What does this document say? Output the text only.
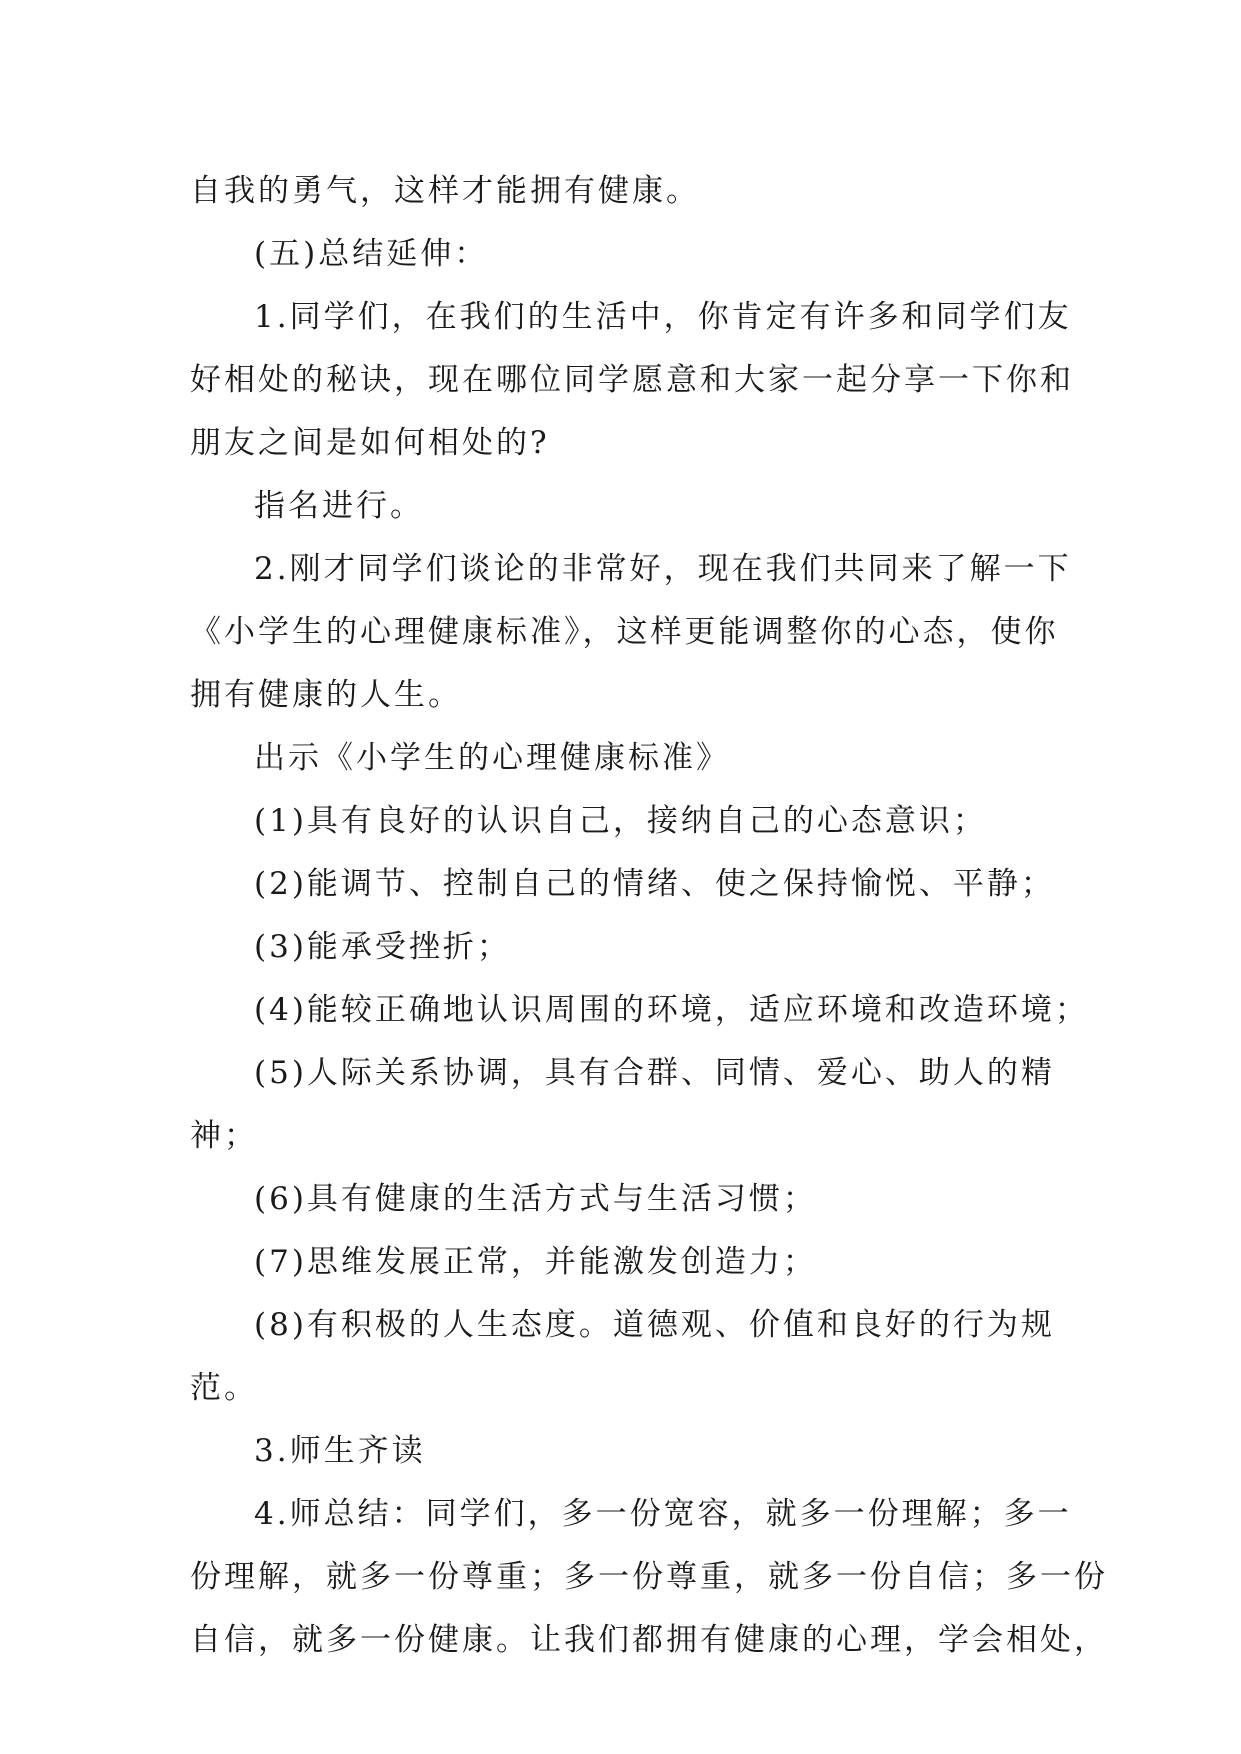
自我的勇气，这样才能拥有健康。
(五)总结延伸：
1.同学们，在我们的生活中，你肯定有许多和同学们友
好相处的秘诀，现在哪位同学愿意和大家一起分享一下你和
朋友之间是如何相处的?
指名进行。
2.刚才同学们谈论的非常好，现在我们共同来了解一下
《小学生的心理健康标准》，这样更能调整你的心态，使你
拥有健康的人生。
出示《小学生的心理健康标准》
(1)具有良好的认识自己，接纳自己的心态意识；
(2)能调节、控制自己的情绪、使之保持愉悦、平静；
(3)能承受挫折；
(4)能较正确地认识周围的环境，适应环境和改造环境；
(5)人际关系协调，具有合群、同情、爱心、助人的精
神；
(6)具有健康的生活方式与生活习惯；
(7)思维发展正常，并能激发创造力；
(8)有积极的人生态度。道德观、价值和良好的行为规
范。
3.师生齐读
4.师总结：同学们，多一份宽容，就多一份理解；多一
份理解，就多一份尊重；多一份尊重，就多一份自信；多一份
自信，就多一份健康。让我们都拥有健康的心理，学会相处，
